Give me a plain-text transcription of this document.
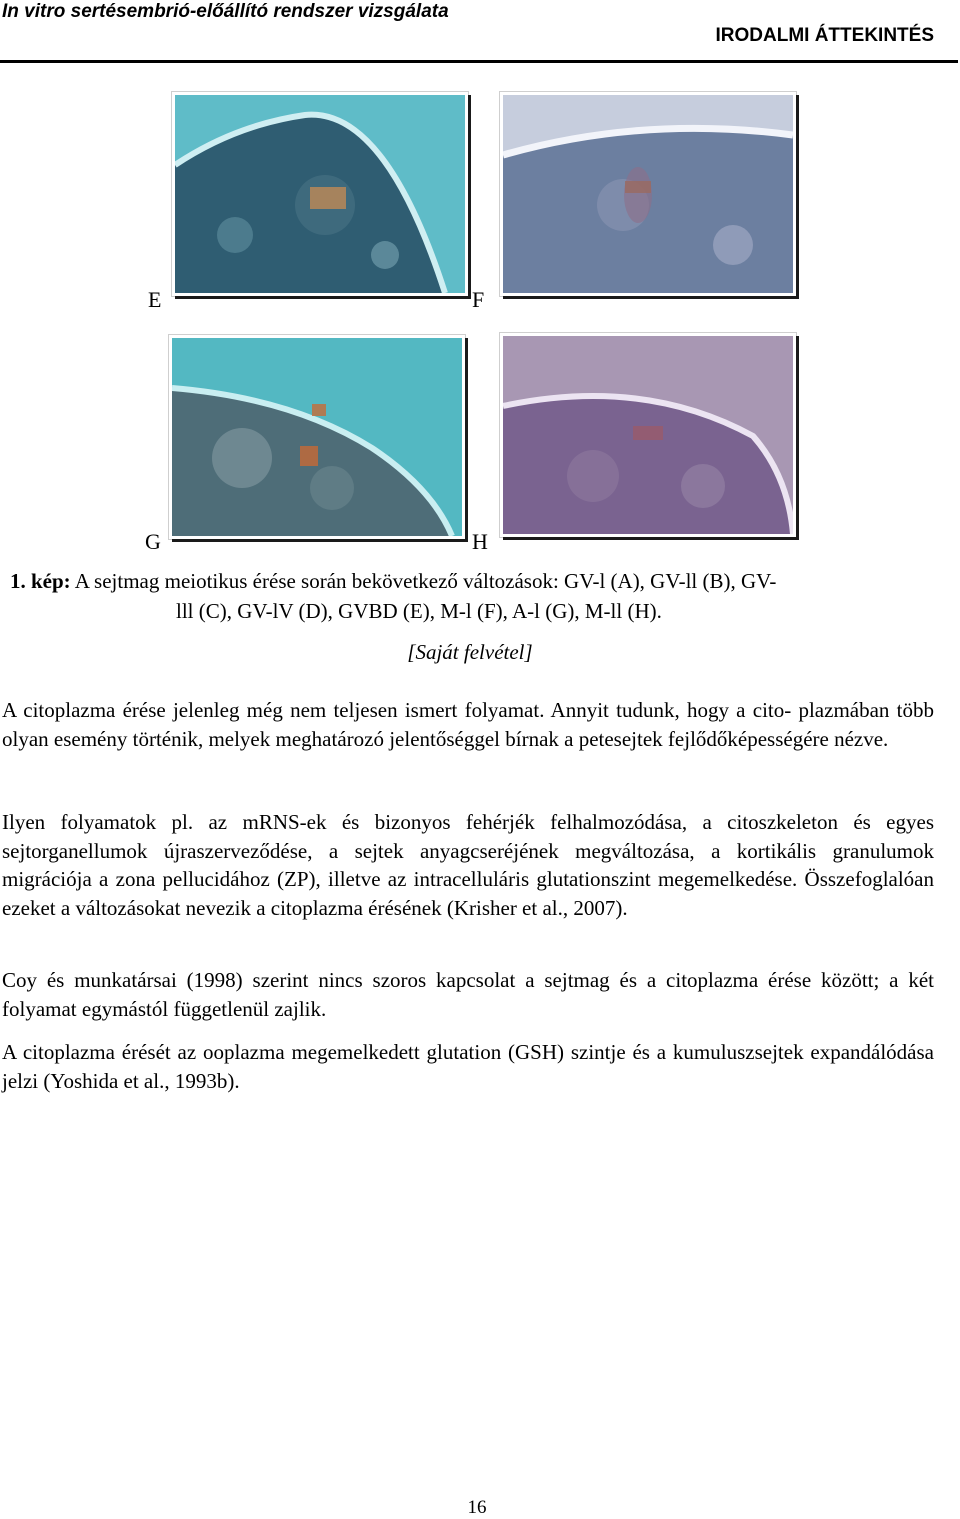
In vitro sertésembrió-előállító rendszer vizsgálata
IRODALMI ÁTTEKINTÉS
E	F
G	H
1. kép: A sejtmag meiotikus érése során bekövetkező változások: GV-l (A), GV-ll (B), GV-
lll (C), GV-lV (D), GVBD (E), M-l (F), A-l (G), M-ll (H).
[Saját felvétel]

A citoplazma érése jelenleg még nem teljesen ismert folyamat. Annyit tudunk, hogy a cito- plazmában több olyan esemény történik, melyek meghatározó jelentőséggel bírnak a petesejtek fejlődőképességére nézve.

Ilyen folyamatok pl. az mRNS-ek és bizonyos fehérjék felhalmozódása, a citoszkeleton és egyes sejtorganellumok újraszerveződése, a sejtek anyagcseréjének megváltozása, a kortikális granulumok migrációja a zona pellucidához (ZP), illetve az intracelluláris glutationszint megemelkedése. Összefoglalóan ezeket a változásokat nevezik a citoplazma érésének (Krisher et al., 2007).

Coy és munkatársai (1998) szerint nincs szoros kapcsolat a sejtmag és a citoplazma érése között; a két folyamat egymástól függetlenül zajlik.

A citoplazma érését az ooplazma megemelkedett glutation (GSH) szintje és a kumuluszsejtek expandálódása jelzi (Yoshida et al., 1993b).

16
